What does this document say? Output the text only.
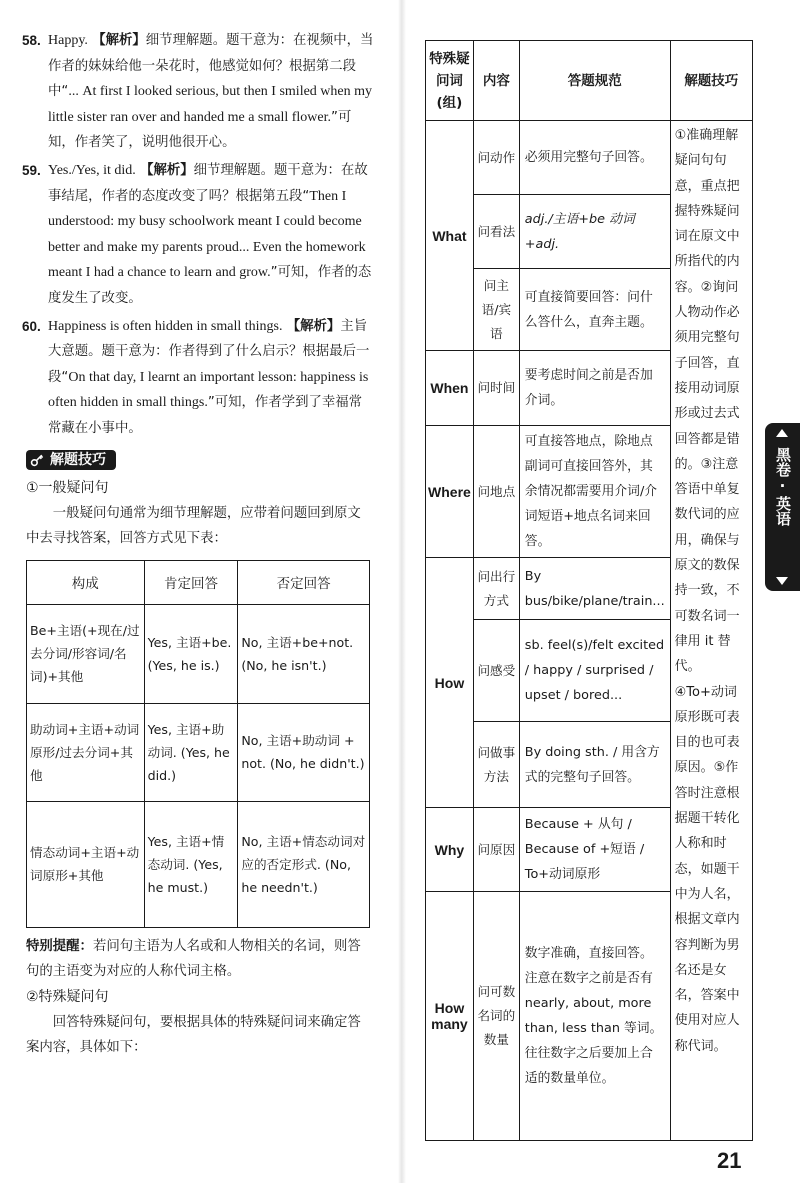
58. Happy. 【解析】细节理解题。题干意为：在视频中，当作者的妹妹给他一朵花时，他感觉如何？根据第二段中“... At first I looked serious, but then I smiled when my little sister ran over and handed me a small flower.”可知，作者笑了，说明他很开心。
59. Yes./Yes, it did. 【解析】细节理解题。题干意为：在故事结尾，作者的态度改变了吗？根据第五段“Then I understood: my busy schoolwork meant I could become better and make my parents proud... Even the homework meant I had a chance to learn and grow.”可知，作者的态度发生了改变。
60. Happiness is often hidden in small things. 【解析】主旨大意题。题干意为：作者得到了什么启示？根据最后一段“On that day, I learnt an important lesson: happiness is often hidden in small things.”可知，作者学到了幸福常常藏在小事中。
解题技巧
①一般疑问句
一般疑问句通常为细节理解题，应带着问题回到原文中去寻找答案，回答方式见下表：
构成	肯定回答	否定回答
Be+主语(+现在/过去分词/形容词/名词)+其他	Yes, 主语+be. (Yes, he is.)	No, 主语+be+not. (No, he isn't.)
助动词+主语+动词原形/过去分词+其他	Yes, 主语+助动词. (Yes, he did.)	No, 主语+助动词 + not. (No, he didn't.)
情态动词+主语+动词原形+其他	Yes, 主语+情态动词. (Yes, he must.)	No, 主语+情态动词对应的否定形式. (No, he needn't.)
特别提醒：若问句主语为人名或和人物相关的名词，则答句的主语变为对应的人称代词主格。
②特殊疑问句
回答特殊疑问句，要根据具体的特殊疑问词来确定答案内容，具体如下：
特殊疑问词(组)	内容	答题规范	解题技巧
What	问动作	必须用完整句子回答。	①准确理解疑问句句意，重点把握特殊疑问词在原文中所指代的内容。②询问人物动作必须用完整句子回答，直接用动词原形或过去式回答都是错的。③注意答语中单复数代词的应用，确保与原文的数保持一致，不可数名词一律用 it 替代。④To+动词原形既可表目的也可表原因。⑤作答时注意根据题干转化人称和时态，如题干中为人名，根据文章内容判断为男名还是女名，答案中使用对应人称代词。
	问看法	adj./主语+be 动词+adj.	
	问主语/宾语	可直接简要回答：问什么答什么，直奔主题。	
When	问时间	要考虑时间之前是否加介词。	
Where	问地点	可直接答地点，除地点副词可直接回答外，其余情况都需要用介词/介词短语+地点名词来回答。	
How	问出行方式	By bus/bike/plane/train...	
	问感受	sb. feel(s)/felt excited / happy / surprised / upset / bored...	
	问做事方法	By doing sth. / 用含方式的完整句子回答。	
Why	问原因	Because + 从句 / Because of +短语 / To+动词原形	
How many	问可数名词的数量	数字准确，直接回答。注意在数字之前是否有 nearly, about, more than, less than 等词。往往数字之后要加上合适的数量单位。	
黑卷
·
英语
21
